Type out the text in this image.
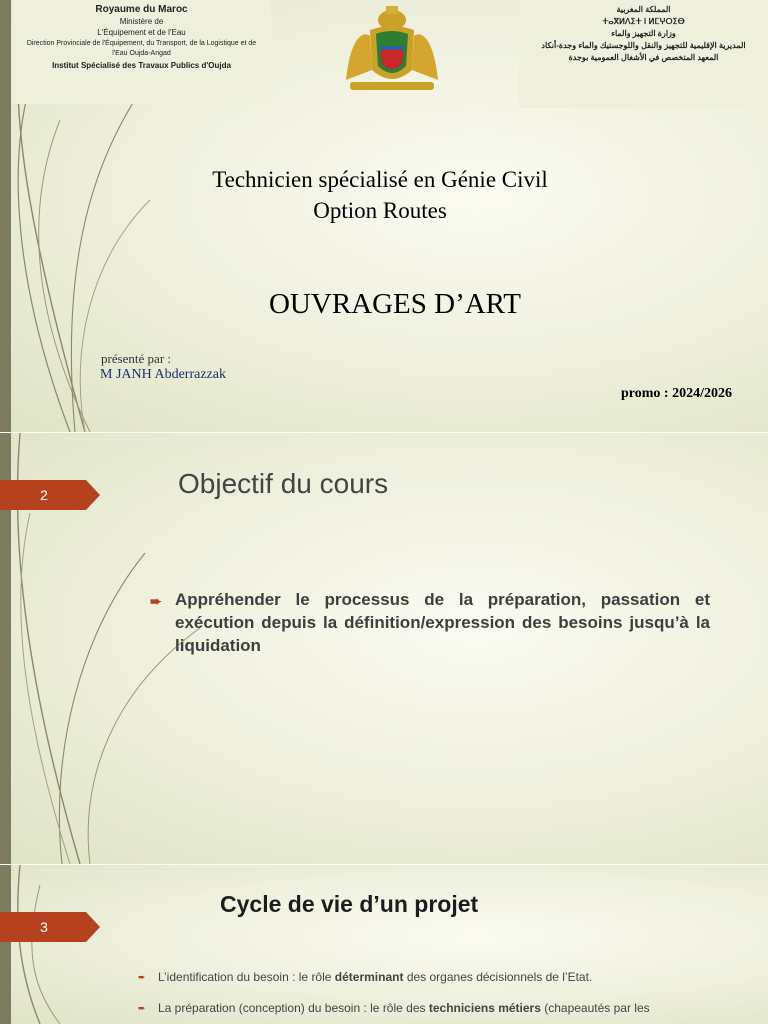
Royaume du Maroc
Ministère de
L'Équipement et de l'Eau
Direction Provinciale de l'Équipement, du Transport, de la Logistique et de l'Eau Oujda-Angad
Institut Spécialisé des Travaux Publics d'Oujda
المملكة المغربية
ⵜⴰⴳⵍⴷⵉⵜ ⵏ ⵍⵎⵖⵔⵉⴱ
وزارة التجهيز والماء
المديرية الإقليمية للتجهيز والنقل واللوجستيك والماء وجدة-أنكاد
المعهد المتخصص في الأشغال العمومية بوجدة
Technicien spécialisé en Génie Civil
Option Routes
OUVRAGES D’ART
présenté par :
M JANH Abderrazzak
promo : 2024/2026
2	Objectif du cours
➨ Appréhender le processus de la préparation, passation et exécution depuis la définition/expression des besoins jusqu’à la liquidation
3
Cycle de vie d’un projet
➨	L’identification du besoin : le rôle déterminant des organes décisionnels de l’Etat.
➨	La préparation (conception) du besoin : le rôle des techniciens métiers (chapeautés par les
